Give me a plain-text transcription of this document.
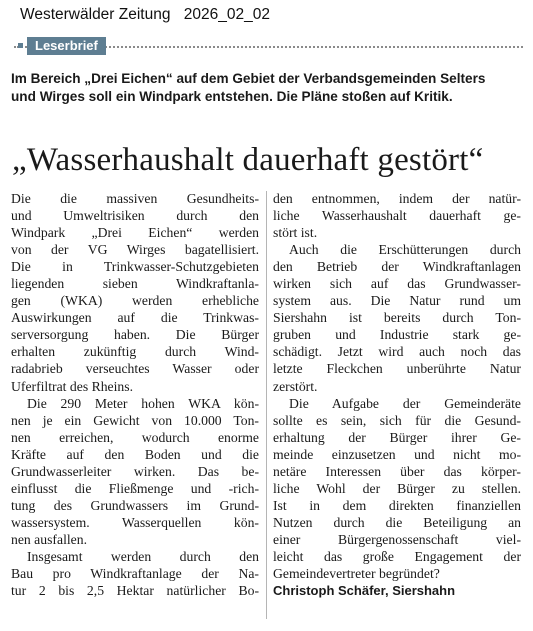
Westerwälder Zeitung 2026_02_02
Leserbrief
Im Bereich „Drei Eichen“ auf dem Gebiet der Verbandsgemeinden Selters und Wirges soll ein Windpark entstehen. Die Pläne stoßen auf Kritik.
„Wasserhaushalt dauerhaft gestört“
Die die massiven Gesundheits-
und Umweltrisiken durch den
Windpark „Drei Eichen“ werden
von der VG Wirges bagatellisiert.
Die in Trinkwasser-Schutzgebieten
liegenden sieben Windkraftanla-
gen (WKA) werden erhebliche
Auswirkungen auf die Trinkwas-
serversorgung haben. Die Bürger
erhalten zukünftig durch Wind-
radabrieb verseuchtes Wasser oder
Uferfiltrat des Rheins.
Die 290 Meter hohen WKA kön-
nen je ein Gewicht von 10.000 Ton-
nen erreichen, wodurch enorme
Kräfte auf den Boden und die
Grundwasserleiter wirken. Das be-
einflusst die Fließmenge und -rich-
tung des Grundwassers im Grund-
wassersystem. Wasserquellen kön-
nen ausfallen.
Insgesamt werden durch den
Bau pro Windkraftanlage der Na-
tur 2 bis 2,5 Hektar natürlicher Bo-
den entnommen, indem der natür-
liche Wasserhaushalt dauerhaft ge-
stört ist.
Auch die Erschütterungen durch
den Betrieb der Windkraftanlagen
wirken sich auf das Grundwasser-
system aus. Die Natur rund um
Siershahn ist bereits durch Ton-
gruben und Industrie stark ge-
schädigt. Jetzt wird auch noch das
letzte Fleckchen unberührte Natur
zerstört.
Die Aufgabe der Gemeinderäte
sollte es sein, sich für die Gesund-
erhaltung der Bürger ihrer Ge-
meinde einzusetzen und nicht mo-
netäre Interessen über das körper-
liche Wohl der Bürger zu stellen.
Ist in dem direkten finanziellen
Nutzen durch die Beteiligung an
einer Bürgergenossenschaft viel-
leicht das große Engagement der
Gemeindevertreter begründet?
Christoph Schäfer, Siershahn
